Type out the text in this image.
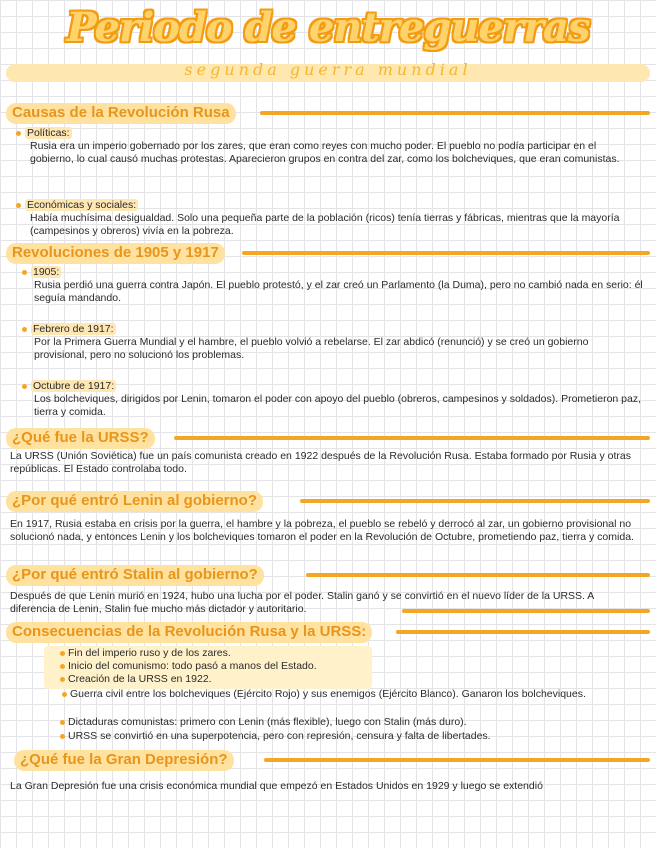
Periodo de entreguerras
segunda guerra mundial
Causas de la Revolución Rusa
Políticas:
Rusia era un imperio gobernado por los zares, que eran como reyes con mucho poder. El pueblo no podía participar en el gobierno, lo cual causó muchas protestas. Aparecieron grupos en contra del zar, como los bolcheviques, que eran comunistas.
Económicas y sociales:
Había muchísima desigualdad. Solo una pequeña parte de la población (ricos) tenía tierras y fábricas, mientras que la mayoría (campesinos y obreros) vivía en la pobreza.
Revoluciones de 1905 y 1917
1905:
Rusia perdió una guerra contra Japón. El pueblo protestó, y el zar creó un Parlamento (la Duma), pero no cambió nada en serio: él seguía mandando.
Febrero de 1917:
Por la Primera Guerra Mundial y el hambre, el pueblo volvió a rebelarse. El zar abdicó (renunció) y se creó un gobierno provisional, pero no solucionó los problemas.
Octubre de 1917:
Los bolcheviques, dirigidos por Lenin, tomaron el poder con apoyo del pueblo (obreros, campesinos y soldados). Prometieron paz, tierra y comida.
¿Qué fue la URSS?
La URSS (Unión Soviética) fue un país comunista creado en 1922 después de la Revolución Rusa. Estaba formado por Rusia y otras repúblicas. El Estado controlaba todo.
¿Por qué entró Lenin al gobierno?
En 1917, Rusia estaba en crisis por la guerra, el hambre y la pobreza, el pueblo se rebeló y derrocó al zar, un gobierno provisional no solucionó nada, y entonces Lenin y los bolcheviques tomaron el poder en la Revolución de Octubre, prometiendo paz, tierra y comida.
¿Por qué entró Stalin al gobierno?
Después de que Lenin murió en 1924, hubo una lucha por el poder. Stalin ganó y se convirtió en el nuevo líder de la URSS. A diferencia de Lenin, Stalin fue mucho más dictador y autoritario.
Consecuencias de la Revolución Rusa y la URSS:
Fin del imperio ruso y de los zares.
Inicio del comunismo: todo pasó a manos del Estado.
Creación de la URSS en 1922.
Guerra civil entre los bolcheviques (Ejército Rojo) y sus enemigos (Ejército Blanco). Ganaron los bolcheviques.
Dictaduras comunistas: primero con Lenin (más flexible), luego con Stalin (más duro).
URSS se convirtió en una superpotencia, pero con represión, censura y falta de libertades.
¿Qué fue la Gran Depresión?
La Gran Depresión fue una crisis económica mundial que empezó en Estados Unidos en 1929 y luego se extendió
